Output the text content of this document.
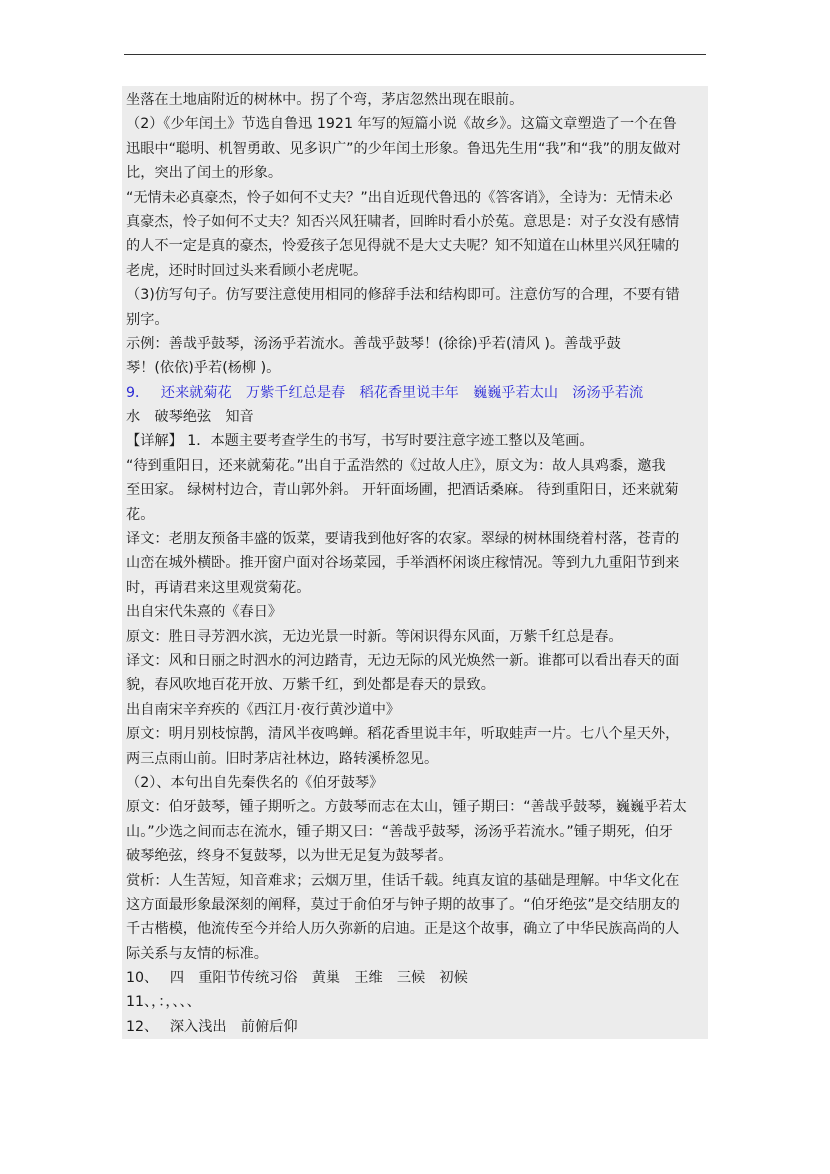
坐落在土地庙附近的树林中。拐了个弯，茅店忽然出现在眼前。

（2）《少年闰土》节选自鲁迅 1921 年写的短篇小说《故乡》。这篇文章塑造了一个在鲁

迅眼中“聪明、机智勇敢、见多识广”的少年闰土形象。鲁迅先生用“我”和“我”的朋友做对

比，突出了闰土的形象。

“无情未必真豪杰，怜子如何不丈夫？”出自近现代鲁迅的《答客诮》，全诗为：无情未必

真豪杰，怜子如何不丈夫？知否兴风狂啸者，回眸时看小於菟。意思是：对子女没有感情

的人不一定是真的豪杰，怜爱孩子怎见得就不是大丈夫呢？知不知道在山林里兴风狂啸的

老虎，还时时回过头来看顾小老虎呢。

（3)仿写句子。仿写要注意使用相同的修辞手法和结构即可。注意仿写的合理，不要有错

别字。

示例：善哉乎鼓琴，汤汤乎若流水。善哉乎鼓琴！(徐徐)乎若(清风 )。善哉乎鼓

琴！(依依)乎若(杨柳 )。

9．　 还来就菊花　万紫千红总是春　稻花香里说丰年　巍巍乎若太山　汤汤乎若流

水　破琴绝弦　知音

【详解】 1．本题主要考查学生的书写，书写时要注意字迹工整以及笔画。

“待到重阳日，还来就菊花。”出自于孟浩然的《过故人庄》，原文为：故人具鸡黍，邀我

至田家。 绿树村边合，青山郭外斜。 开轩面场圃，把酒话桑麻。 待到重阳日，还来就菊

花。

译文：老朋友预备丰盛的饭菜，要请我到他好客的农家。翠绿的树林围绕着村落，苍青的

山峦在城外横卧。推开窗户面对谷场菜园，手举酒杯闲谈庄稼情况。等到九九重阳节到来

时，再请君来这里观赏菊花。

出自宋代朱熹的《春日》

原文：胜日寻芳泗水滨，无边光景一时新。等闲识得东风面，万紫千红总是春。

译文：风和日丽之时泗水的河边踏青，无边无际的风光焕然一新。谁都可以看出春天的面

貌，春风吹地百花开放、万紫千红，到处都是春天的景致。

出自南宋辛弃疾的《西江月·夜行黄沙道中》

原文：明月别枝惊鹊，清风半夜鸣蝉。稻花香里说丰年，听取蛙声一片。七八个星天外，

两三点雨山前。旧时茅店社林边，路转溪桥忽见。

（2）、本句出自先秦佚名的《伯牙鼓琴》

原文：伯牙鼓琴，锺子期听之。方鼓琴而志在太山，锺子期曰：“善哉乎鼓琴，巍巍乎若太

山。”少选之间而志在流水，锺子期又曰：“善哉乎鼓琴，汤汤乎若流水。”锺子期死，伯牙

破琴绝弦，终身不复鼓琴，以为世无足复为鼓琴者。

赏析：人生苦短，知音难求；云烟万里，佳话千载。纯真友谊的基础是理解。中华文化在

这方面最形象最深刻的阐释，莫过于俞伯牙与钟子期的故事了。“伯牙绝弦”是交结朋友的

千古楷模，他流传至今并给人历久弥新的启迪。正是这个故事，确立了中华民族高尚的人

际关系与友情的标准。

10、　 四　重阳节传统习俗　黄巢　王维　三候　初候

11、，：，、、、

12、　 深入浅出　前俯后仰
